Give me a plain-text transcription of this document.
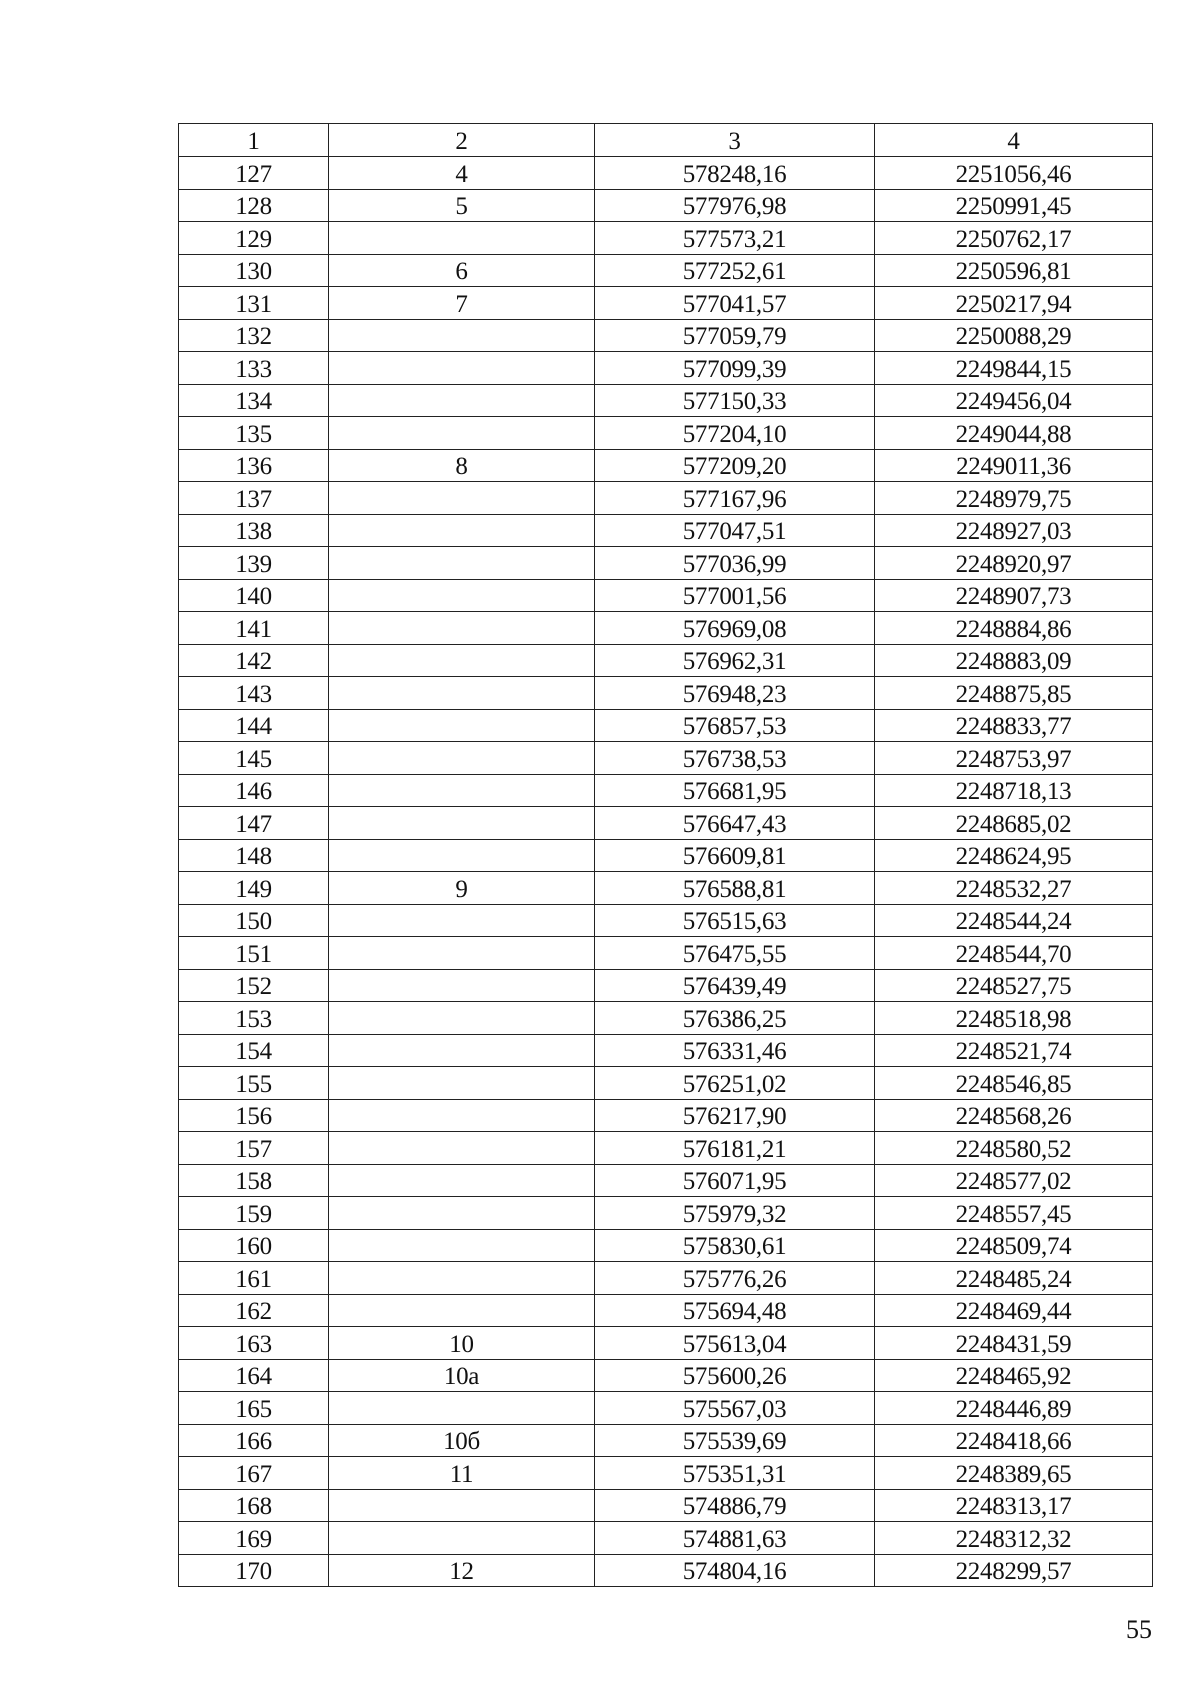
1	2	3	4
127	4	578248,16	2251056,46
128	5	577976,98	2250991,45
129		577573,21	2250762,17
130	6	577252,61	2250596,81
131	7	577041,57	2250217,94
132		577059,79	2250088,29
133		577099,39	2249844,15
134		577150,33	2249456,04
135		577204,10	2249044,88
136	8	577209,20	2249011,36
137		577167,96	2248979,75
138		577047,51	2248927,03
139		577036,99	2248920,97
140		577001,56	2248907,73
141		576969,08	2248884,86
142		576962,31	2248883,09
143		576948,23	2248875,85
144		576857,53	2248833,77
145		576738,53	2248753,97
146		576681,95	2248718,13
147		576647,43	2248685,02
148		576609,81	2248624,95
149	9	576588,81	2248532,27
150		576515,63	2248544,24
151		576475,55	2248544,70
152		576439,49	2248527,75
153		576386,25	2248518,98
154		576331,46	2248521,74
155		576251,02	2248546,85
156		576217,90	2248568,26
157		576181,21	2248580,52
158		576071,95	2248577,02
159		575979,32	2248557,45
160		575830,61	2248509,74
161		575776,26	2248485,24
162		575694,48	2248469,44
163	10	575613,04	2248431,59
164	10а	575600,26	2248465,92
165		575567,03	2248446,89
166	10б	575539,69	2248418,66
167	11	575351,31	2248389,65
168		574886,79	2248313,17
169		574881,63	2248312,32
170	12	574804,16	2248299,57
55
